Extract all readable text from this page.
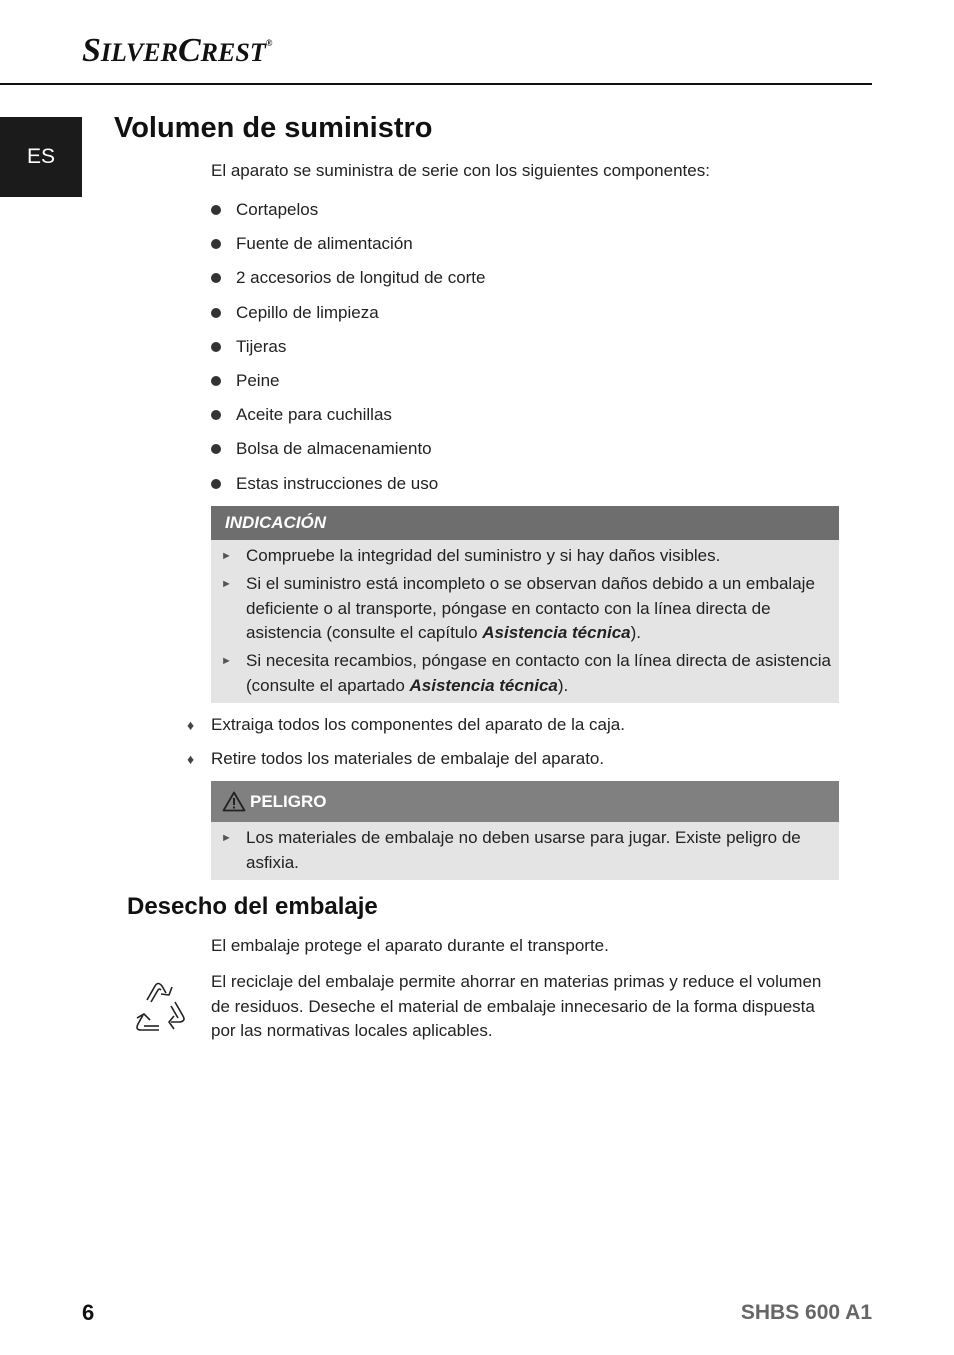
SILVERCREST®
ES
Volumen de suministro
El aparato se suministra de serie con los siguientes componentes:
Cortapelos
Fuente de alimentación
2 accesorios de longitud de corte
Cepillo de limpieza
Tijeras
Peine
Aceite para cuchillas
Bolsa de almacenamiento
Estas instrucciones de uso
INDICACIÓN
► Compruebe la integridad del suministro y si hay daños visibles.
► Si el suministro está incompleto o se observan daños debido a un embalaje deficiente o al transporte, póngase en contacto con la línea directa de asistencia (consulte el capítulo Asistencia técnica).
► Si necesita recambios, póngase en contacto con la línea directa de asistencia (consulte el apartado Asistencia técnica).
♦ Extraiga todos los componentes del aparato de la caja.
♦ Retire todos los materiales de embalaje del aparato.
PELIGRO
► Los materiales de embalaje no deben usarse para jugar. Existe peligro de asfixia.
Desecho del embalaje
El embalaje protege el aparato durante el transporte.
El reciclaje del embalaje permite ahorrar en materias primas y reduce el volumen de residuos. Deseche el material de embalaje innecesario de la forma dispuesta por las normativas locales aplicables.
6	SHBS 600 A1
